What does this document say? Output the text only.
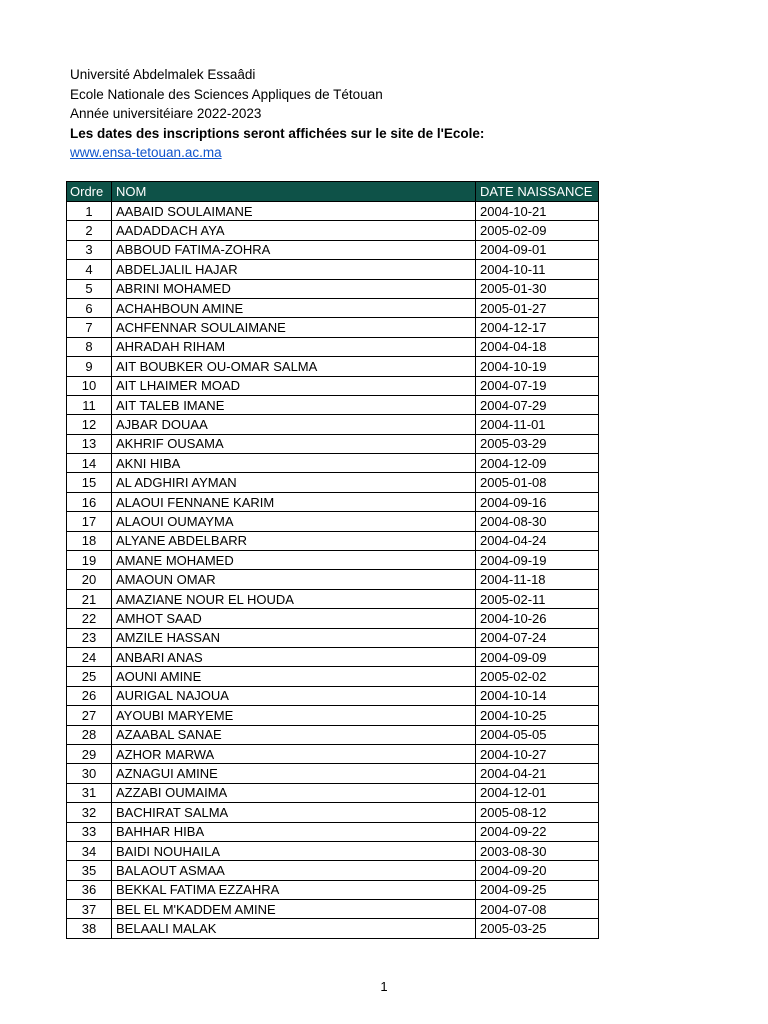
Université Abdelmalek Essaâdi
Ecole Nationale des Sciences Appliques de Tétouan
Année universitéiare 2022-2023
Les dates des inscriptions seront affichées sur le site de l'Ecole:
www.ensa-tetouan.ac.ma
Ordre	NOM	DATE NAISSANCE
1	AABAID SOULAIMANE	2004-10-21
2	AADADDACH AYA	2005-02-09
3	ABBOUD FATIMA-ZOHRA	2004-09-01
4	ABDELJALIL HAJAR	2004-10-11
5	ABRINI MOHAMED	2005-01-30
6	ACHAHBOUN AMINE	2005-01-27
7	ACHFENNAR SOULAIMANE	2004-12-17
8	AHRADAH RIHAM	2004-04-18
9	AIT BOUBKER OU-OMAR SALMA	2004-10-19
10	AIT LHAIMER MOAD	2004-07-19
11	AIT TALEB IMANE	2004-07-29
12	AJBAR DOUAA	2004-11-01
13	AKHRIF OUSAMA	2005-03-29
14	AKNI HIBA	2004-12-09
15	AL ADGHIRI AYMAN	2005-01-08
16	ALAOUI FENNANE KARIM	2004-09-16
17	ALAOUI OUMAYMA	2004-08-30
18	ALYANE ABDELBARR	2004-04-24
19	AMANE MOHAMED	2004-09-19
20	AMAOUN OMAR	2004-11-18
21	AMAZIANE NOUR EL HOUDA	2005-02-11
22	AMHOT SAAD	2004-10-26
23	AMZILE HASSAN	2004-07-24
24	ANBARI ANAS	2004-09-09
25	AOUNI AMINE	2005-02-02
26	AURIGAL NAJOUA	2004-10-14
27	AYOUBI MARYEME	2004-10-25
28	AZAABAL SANAE	2004-05-05
29	AZHOR MARWA	2004-10-27
30	AZNAGUI AMINE	2004-04-21
31	AZZABI OUMAIMA	2004-12-01
32	BACHIRAT SALMA	2005-08-12
33	BAHHAR HIBA	2004-09-22
34	BAIDI NOUHAILA	2003-08-30
35	BALAOUT ASMAA	2004-09-20
36	BEKKAL FATIMA EZZAHRA	2004-09-25
37	BEL EL M'KADDEM AMINE	2004-07-08
38	BELAALI MALAK	2005-03-25
1
